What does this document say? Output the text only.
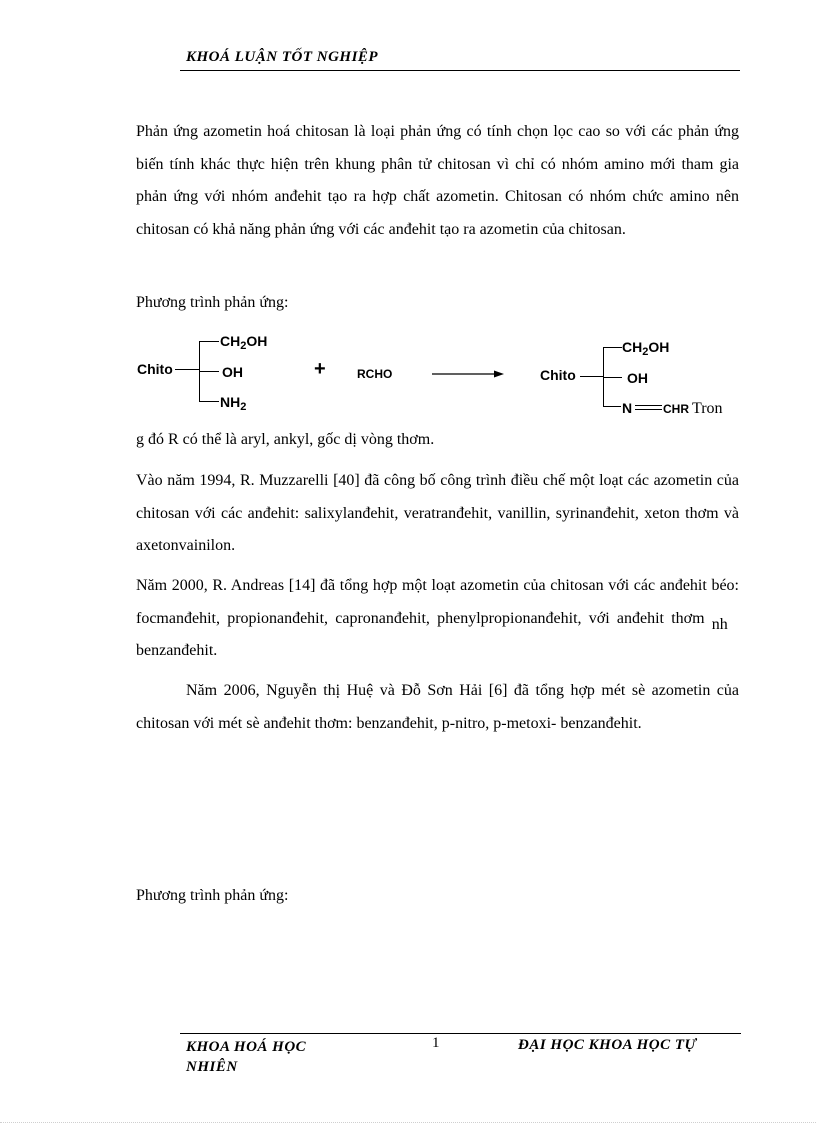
KHOÁ LUẬN TỐT NGHIỆP
Phản ứng azometin hoá chitosan là loại phản ứng có tính chọn lọc cao so với các phản ứng biến tính khác thực hiện trên khung phân tử chitosan vì chỉ có nhóm amino mới tham gia phản ứng với nhóm anđehit tạo ra hợp chất azometin. Chitosan có nhóm chức amino nên chitosan có khả năng phản ứng với các anđehit tạo ra azometin của chitosan.
Phương trình phản ứng:
Chito
$CH_2OH$
OH
$NH_2$
+	RCHO	Chito
$CH_2OH$
OH
N	CHR Tron
g đó R có thể là aryl, ankyl, gốc dị vòng thơm.
Vào năm 1994, R. Muzzarelli [40] đã công bố công trình điều chế một loạt các azometin của chitosan với các anđehit: salixylanđehit, veratranđehit, vanillin, syrinanđehit, xeton thơm và axetonvainilon.
Năm 2000, R. Andreas [14] đã tổng hợp một loạt azometin của chitosan với các anđehit béo: focmanđehit, propionanđehit, capronanđehit, phenylpropionanđehit, với anđehit thơm nh   benzanđehit.
Năm 2006, Nguyễn thị Huệ và Đỗ Sơn Hải [6] đã tổng hợp mét sè azometin của chitosan với mét sè anđehit thơm: benzanđehit, p-nitro, p-metoxi- benzanđehit.
Phương trình phản ứng:
KHOA HOÁ HỌC NHIÊN
1	ĐẠI HỌC KHOA HỌC TỰ
